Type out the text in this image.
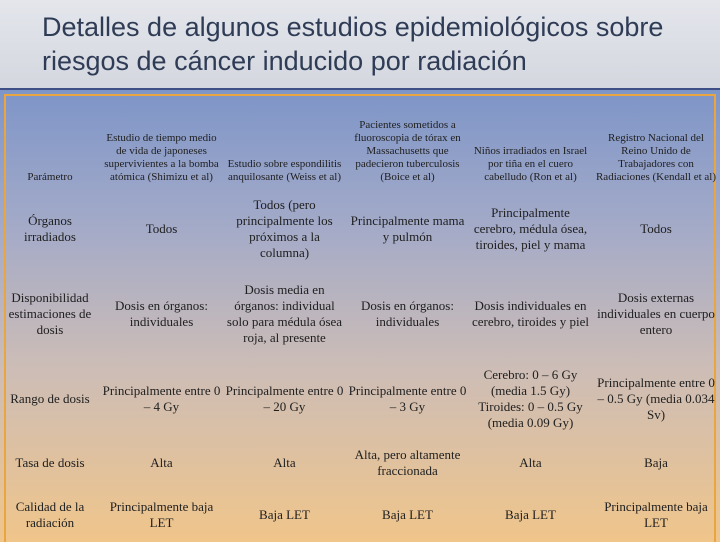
Detalles de algunos estudios epidemiológicos sobre riesgos de cáncer inducido por radiación
Parámetro	Estudio de tiempo medio de vida de japoneses supervivientes a la bomba atómica (Shimizu et al)	Estudio sobre espondilitis anquilosante (Weiss et al)	Pacientes sometidos a fluoroscopia de tórax en Massachusetts que padecieron tuberculosis (Boice et al)	Niños irradiados en Israel por tiña en el cuero cabelludo (Ron et al)	Registro Nacional del Reino Unido de Trabajadores con Radiaciones (Kendall et al)
Órganos irradiados	Todos	Todos (pero principalmente los próximos a la columna)	Principalmente mama y pulmón	Principalmente cerebro, médula ósea, tiroides, piel y mama	Todos
Disponibilidad estimaciones de dosis	Dosis en órganos: individuales	Dosis media en órganos: individual solo para médula ósea roja, al presente	Dosis en órganos: individuales	Dosis individuales en cerebro, tiroides y piel	Dosis externas individuales en cuerpo entero
Rango de dosis	Principalmente entre 0 – 4 Gy	Principalmente entre 0 – 20 Gy	Principalmente entre 0 – 3 Gy	Cerebro: 0 – 6 Gy (media 1.5 Gy) Tiroides: 0 – 0.5 Gy (media 0.09 Gy)	Principalmente entre 0 – 0.5 Gy (media 0.034 Sv)
Tasa de dosis	Alta	Alta	Alta, pero altamente fraccionada	Alta	Baja
Calidad de la radiación	Principalmente baja LET	Baja LET	Baja LET	Baja LET	Principalmente baja LET
